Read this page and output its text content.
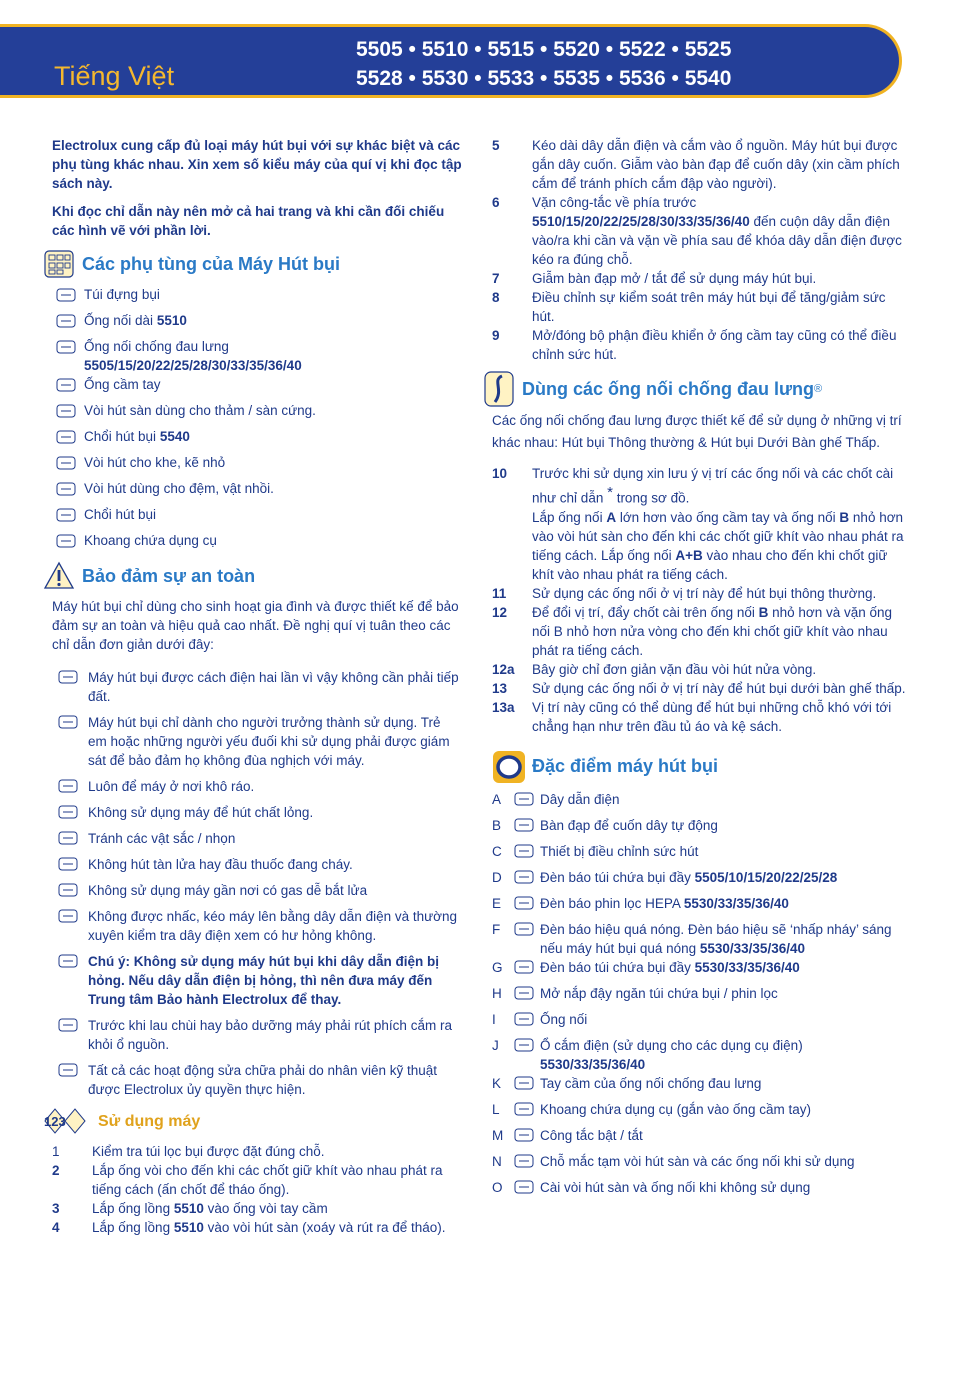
Tiếng Việt
5505 • 5510 • 5515 • 5520 • 5522 • 5525
5528 • 5530 • 5533 • 5535 • 5536 • 5540

Electrolux cung cấp đủ loại máy hút bụi với sự khác biệt và các phụ tùng khác nhau. Xin xem số kiểu máy của quí vị khi đọc tập sách này.

Khi đọc chỉ dẫn này nên mở cả hai trang và khi cần đối chiếu các hình vẽ với phần lời.

Các phụ tùng của Máy Hút bụi
Túi đựng bụi
Ống nối dài 5510
Ống nối chống đau lưng
5505/15/20/22/25/28/30/33/35/36/40
Ống cầm tay
Vòi hút sàn dùng cho thảm / sàn cứng.
Chổi hút bụi 5540
Vòi hút cho khe, kẽ nhỏ
Vòi hút dùng cho đệm, vật nhồi.
Chổi hút bụi
Khoang chứa dụng cụ
Bảo đảm sự an toàn

Máy hút bụi chỉ dùng cho sinh hoạt gia đình và được thiết kế để bảo đảm sự an toàn và hiệu quả cao nhất. Đề nghị quí vị tuân theo các chỉ dẫn đơn giản dưới đây:

Máy hút bụi được cách điện hai lần vì vậy không cần phải tiếp đất.
Máy hút bụi chỉ dành cho người trưởng thành sử dụng. Trẻ em hoặc những người yếu đuối khi sử dụng phải được giám sát để bảo đảm họ không đùa nghịch với máy.
Luôn để máy ở nơi khô ráo.
Không sử dụng máy để hút chất lỏng.
Tránh các vật sắc / nhọn
Không hút tàn lửa hay đầu thuốc đang cháy.
Không sử dụng máy gần nơi có gas dễ bắt lửa
Không được nhấc, kéo máy lên bằng dây dẫn điện và thường xuyên kiểm tra dây điện xem có hư hỏng không.
Chú ý: Không sử dụng máy hút bụi khi dây dẫn điện bị hỏng. Nếu dây dẫn điện bị hỏng, thì nên đưa máy đến Trung tâm Bảo hành Electrolux để thay.
Trước khi lau chùi hay bảo dưỡng máy phải rút phích cắm ra khỏi ổ nguồn.
Tất cả các hoạt động sửa chữa phải do nhân viên kỹ thuật được Electrolux ủy quyền thực hiện.
123 Sử dụng máy
1	Kiểm tra túi lọc bụi được đặt đúng chỗ.
2	Lắp ống vòi cho đến khi các chốt giữ khít vào nhau phát ra tiếng cách (ấn chốt để tháo ống).
3	Lắp ống lồng 5510 vào ống vòi tay cầm
4	Lắp ống lồng 5510 vào vòi hút sàn (xoáy và rút ra để tháo).
5	Kéo dài dây dẫn điện và cắm vào ổ nguồn. Máy hút bụi được gắn dây cuốn. Giẫm vào bàn đạp để cuốn dây (xin cầm phích cắm để tránh phích cắm đập vào người).
6	Vặn công-tắc về phía trước 5510/15/20/22/25/28/30/33/35/36/40 đến cuộn dây dẫn điện vào/ra khi cần và vặn về phía sau để khóa dây dẫn điện được kéo ra đúng chỗ.
7	Giẫm bàn đạp mở / tắt để sử dụng máy hút bụi.
8	Điều chỉnh sự kiểm soát trên máy hút bụi để tăng/giảm sức hút.
9	Mở/đóng bộ phận điều khiển ở ống cầm tay cũng có thể điều chỉnh sức hút.
Dùng các ống nối chống đau lưng ®

Các ống nối chống đau lưng được thiết kế để sử dụng ở những vị trí khác nhau: Hút bụi Thông thường & Hút bụi Dưới Bàn ghế Thấp.

10	Trước khi sử dụng xin lưu ý vị trí các ống nối và các chốt cài như chỉ dẫn * trong sơ đồ.
Lắp ống nối A lớn hơn vào ống cầm tay và ống nối B nhỏ hơn vào vòi hút sàn cho đến khi các chốt giữ khít vào nhau phát ra tiếng cách. Lắp ống nối A+B vào nhau cho đến khi chốt giữ khít vào nhau phát ra tiếng cách.
11	Sử dụng các ống nối ở vị trí này để hút bụi thông thường.
12	Để đổi vị trí, đẩy chốt cài trên ống nối B nhỏ hơn và vặn ống nối B nhỏ hơn nửa vòng cho đến khi chốt giữ khít vào nhau phát ra tiếng cách.
12a	Bây giờ chỉ đơn giản vặn đầu vòi hút nửa vòng.
13	Sử dụng các ống nối ở vị trí này để hút bụi dưới bàn ghế thấp.
13a	Vị trí này cũng có thể dùng để hút bụi những chỗ khó với tới chẳng hạn như trên đầu tủ áo và kệ sách.
Đặc điểm máy hút bụi
A	Dây dẫn điện
B	Bàn đạp để cuốn dây tự động
C	Thiết bị điều chỉnh sức hút
D	Đèn báo túi chứa bụi đầy 5505/10/15/20/22/25/28
E	Đèn báo phin lọc HEPA 5530/33/35/36/40
F	Đèn báo hiệu quá nóng. Đèn báo hiệu sẽ ‘nhấp nháy’ sáng nếu máy hút bụi quá nóng 5530/33/35/36/40
G	Đèn báo túi chứa bụi đầy 5530/33/35/36/40
H	Mở nắp đậy ngăn túi chứa bụi / phin lọc
I	Ống nối
J	Ổ cắm điện (sử dụng cho các dụng cụ điện) 5530/33/35/36/40
K	Tay cầm của ống nối chống đau lưng
L	Khoang chứa dụng cụ (gắn vào ống cầm tay)
M	Công tắc bật / tắt
N	Chỗ mắc tạm vòi hút sàn và các ống nối khi sử dụng
O	Cài vòi hút sàn và ống nối khi không sử dụng
